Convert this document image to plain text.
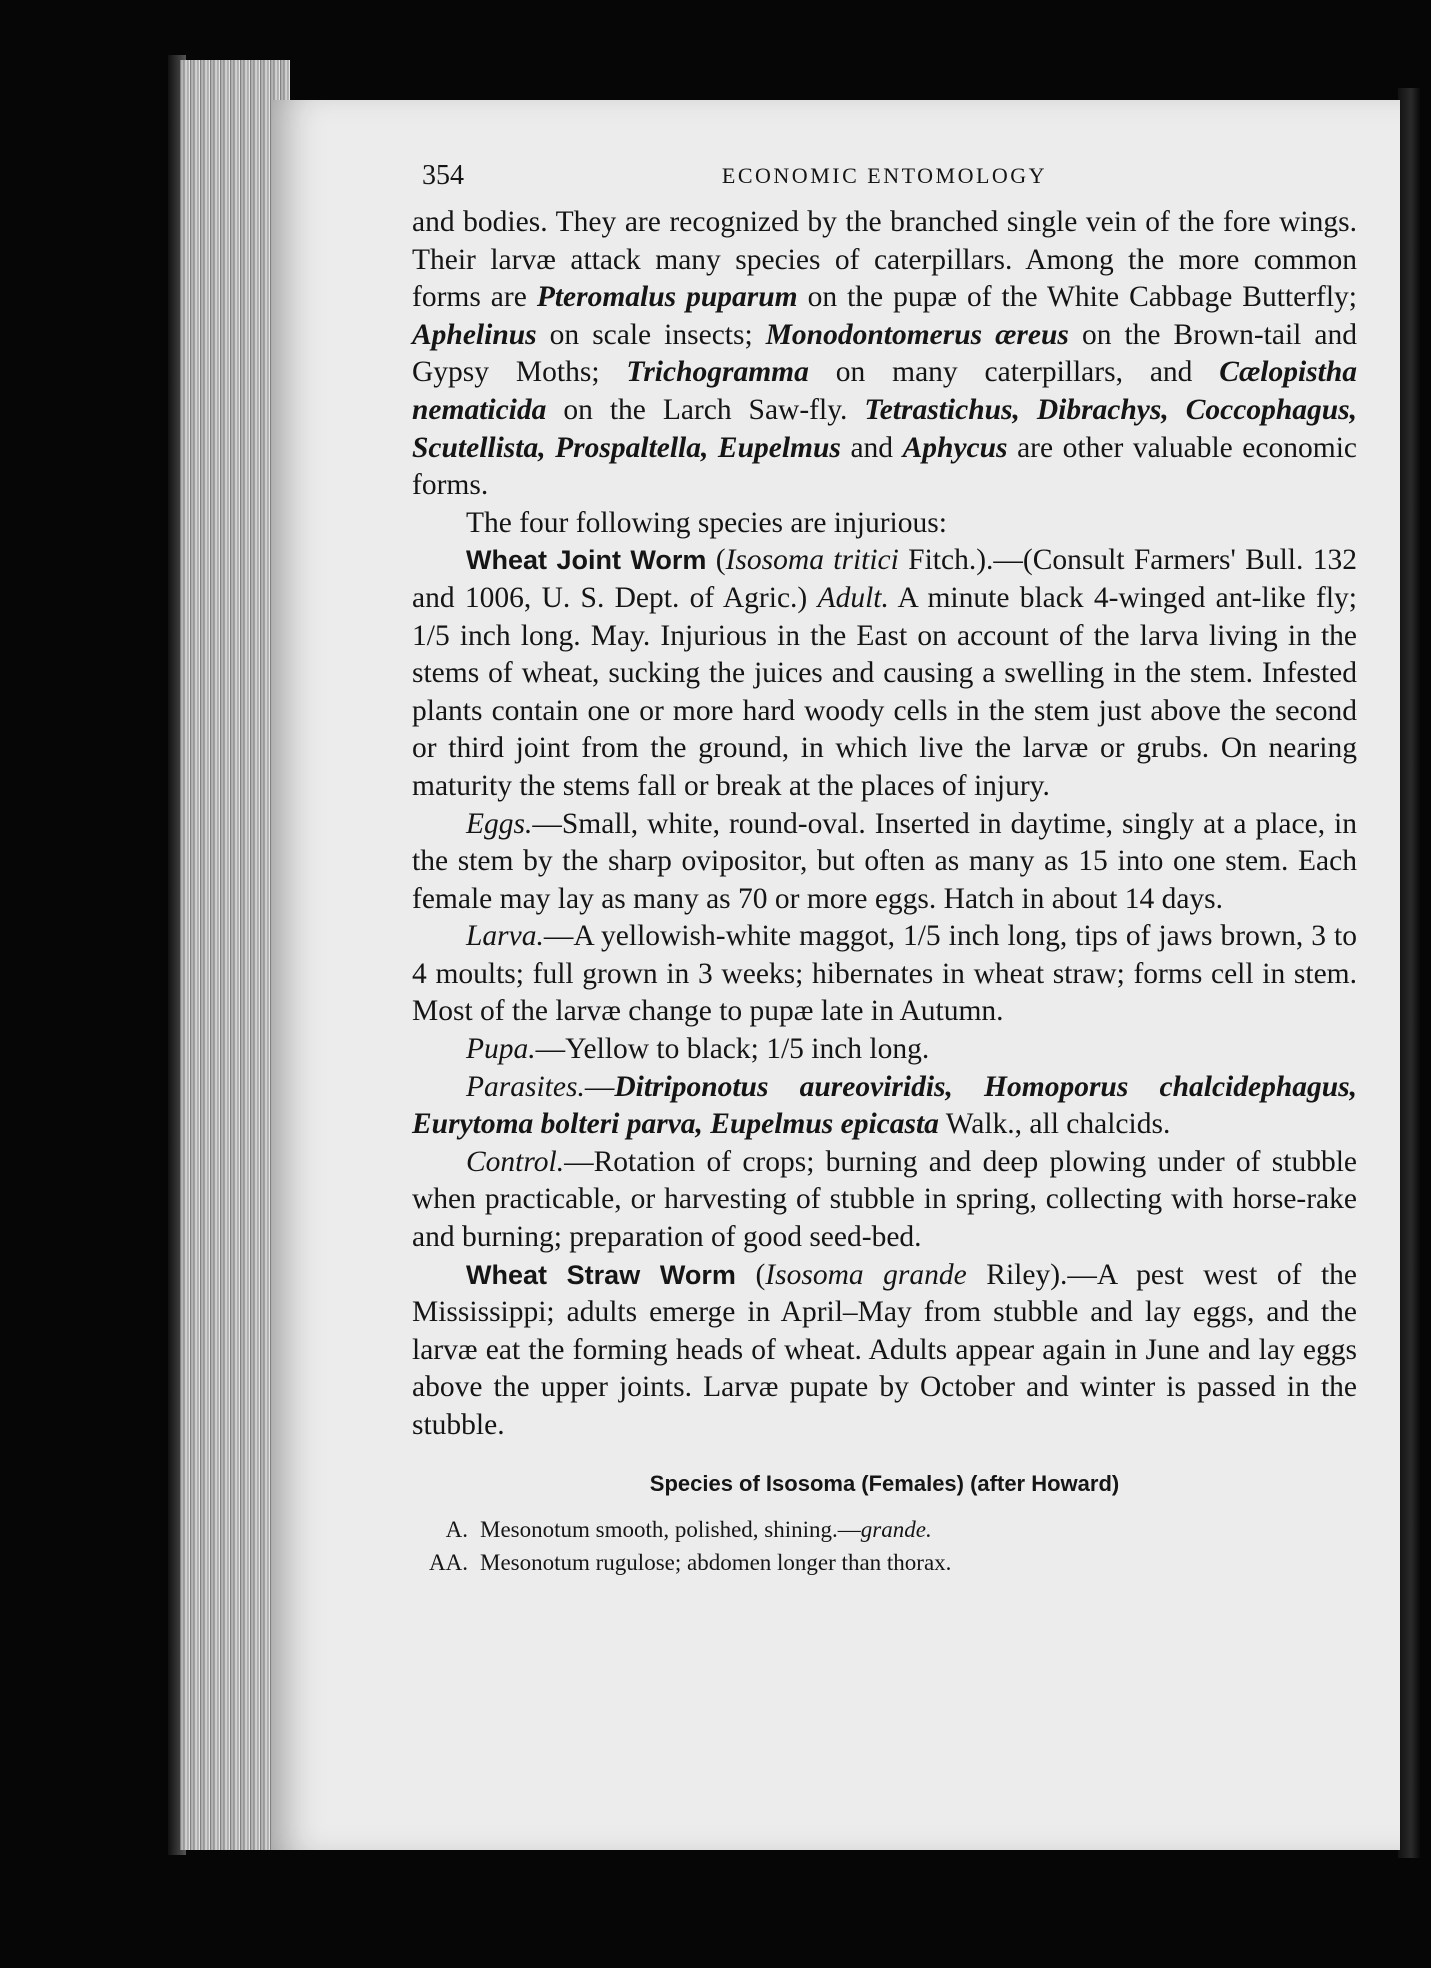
354	ECONOMIC ENTOMOLOGY

and bodies. They are recognized by the branched single vein of the fore wings. Their larvæ attack many species of caterpillars. Among the more common forms are Pteromalus puparum on the pupæ of the White Cabbage Butterfly; Aphelinus on scale insects; Monodontomerus æreus on the Brown-tail and Gypsy Moths; Trichogramma on many caterpillars, and Cælopistha nematicida on the Larch Saw-fly. Tetrastichus, Dibrachys, Coccophagus, Scutellista, Prospaltella, Eupelmus and Aphycus are other valuable economic forms.

The four following species are injurious:

Wheat Joint Worm (Isosoma tritici Fitch.).—(Consult Farmers' Bull. 132 and 1006, U. S. Dept. of Agric.) Adult. A minute black 4-winged ant-like fly; 1/5 inch long. May. Injurious in the East on account of the larva living in the stems of wheat, sucking the juices and causing a swelling in the stem. Infested plants contain one or more hard woody cells in the stem just above the second or third joint from the ground, in which live the larvæ or grubs. On nearing maturity the stems fall or break at the places of injury.

Eggs.—Small, white, round-oval. Inserted in daytime, singly at a place, in the stem by the sharp ovipositor, but often as many as 15 into one stem. Each female may lay as many as 70 or more eggs. Hatch in about 14 days.

Larva.—A yellowish-white maggot, 1/5 inch long, tips of jaws brown, 3 to 4 moults; full grown in 3 weeks; hibernates in wheat straw; forms cell in stem. Most of the larvæ change to pupæ late in Autumn.

Pupa.—Yellow to black; 1/5 inch long.

Parasites.—Ditriponotus aureoviridis, Homoporus chalcidephagus, Eurytoma bolteri parva, Eupelmus epicasta Walk., all chalcids.

Control.—Rotation of crops; burning and deep plowing under of stubble when practicable, or harvesting of stubble in spring, collecting with horse-rake and burning; preparation of good seed-bed.

Wheat Straw Worm (Isosoma grande Riley).—A pest west of the Mississippi; adults emerge in April–May from stubble and lay eggs, and the larvæ eat the forming heads of wheat. Adults appear again in June and lay eggs above the upper joints. Larvæ pupate by October and winter is passed in the stubble.

Species of Isosoma (Females) (after Howard)
A. Mesonotum smooth, polished, shining.—grande.
AA. Mesonotum rugulose; abdomen longer than thorax.
